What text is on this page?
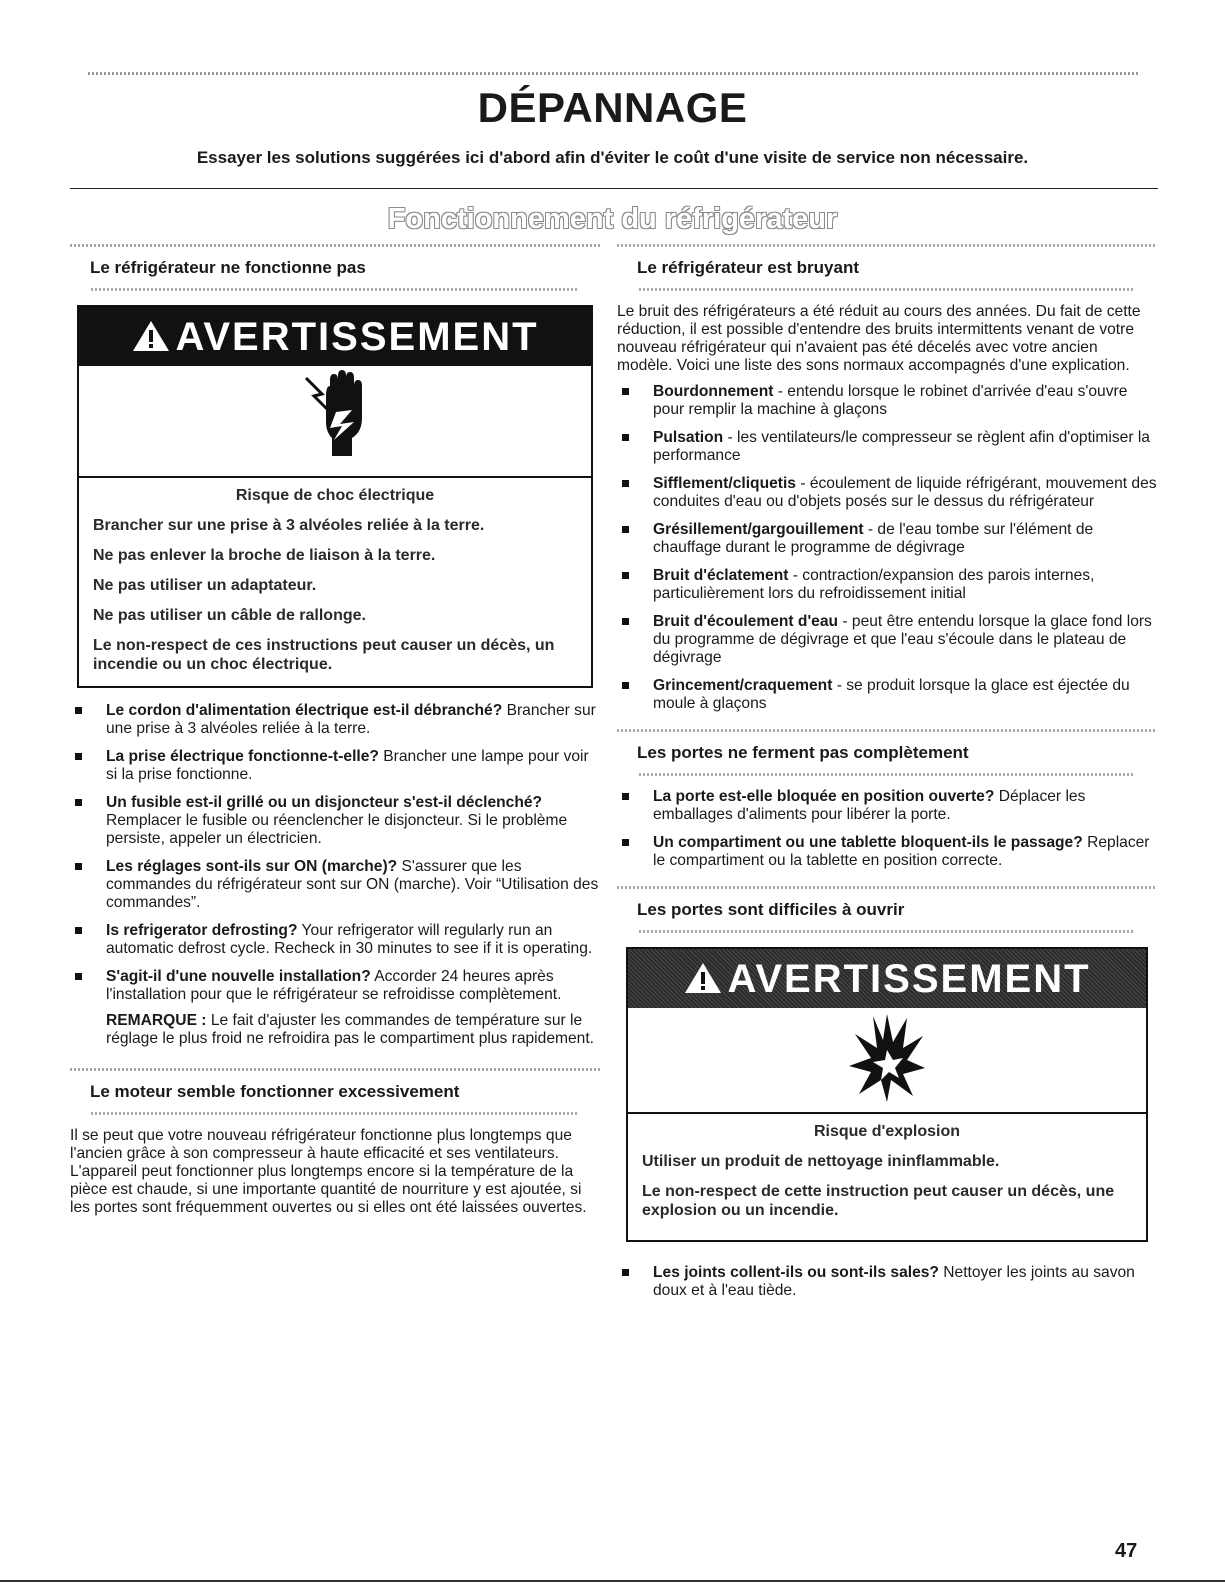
DÉPANNAGE

Essayer les solutions suggérées ici d'abord afin d'éviter le coût d'une visite de service non nécessaire.

Fonctionnement du réfrigérateur
Le réfrigérateur ne fonctionne pas
AVERTISSEMENT
Risque de choc électrique
Brancher sur une prise à 3 alvéoles reliée à la terre.
Ne pas enlever la broche de liaison à la terre.
Ne pas utiliser un adaptateur.
Ne pas utiliser un câble de rallonge.
Le non-respect de ces instructions peut causer un décès, un incendie ou un choc électrique.
Le cordon d'alimentation électrique est-il débranché? Brancher sur une prise à 3 alvéoles reliée à la terre.
La prise électrique fonctionne-t-elle? Brancher une lampe pour voir si la prise fonctionne.
Un fusible est-il grillé ou un disjoncteur s'est-il déclenché? Remplacer le fusible ou réenclencher le disjoncteur. Si le problème persiste, appeler un électricien.
Les réglages sont-ils sur ON (marche)? S'assurer que les commandes du réfrigérateur sont sur ON (marche). Voir “Utilisation des commandes”.
Is refrigerator defrosting? Your refrigerator will regularly run an automatic defrost cycle. Recheck in 30 minutes to see if it is operating.
S'agit-il d'une nouvelle installation? Accorder 24 heures après l'installation pour que le réfrigérateur se refroidisse complètement.
REMARQUE : Le fait d'ajuster les commandes de température sur le réglage le plus froid ne refroidira pas le compartiment plus rapidement.
Le moteur semble fonctionner excessivement

Il se peut que votre nouveau réfrigérateur fonctionne plus longtemps que l'ancien grâce à son compresseur à haute efficacité et ses ventilateurs. L'appareil peut fonctionner plus longtemps encore si la température de la pièce est chaude, si une importante quantité de nourriture y est ajoutée, si les portes sont fréquemment ouvertes ou si elles ont été laissées ouvertes.

Le réfrigérateur est bruyant

Le bruit des réfrigérateurs a été réduit au cours des années. Du fait de cette réduction, il est possible d'entendre des bruits intermittents venant de votre nouveau réfrigérateur qui n'avaient pas été décelés avec votre ancien modèle. Voici une liste des sons normaux accompagnés d'une explication.

Bourdonnement - entendu lorsque le robinet d'arrivée d'eau s'ouvre pour remplir la machine à glaçons
Pulsation - les ventilateurs/le compresseur se règlent afin d'optimiser la performance
Sifflement/cliquetis - écoulement de liquide réfrigérant, mouvement des conduites d'eau ou d'objets posés sur le dessus du réfrigérateur
Grésillement/gargouillement - de l'eau tombe sur l'élément de chauffage durant le programme de dégivrage
Bruit d'éclatement - contraction/expansion des parois internes, particulièrement lors du refroidissement initial
Bruit d'écoulement d'eau - peut être entendu lorsque la glace fond lors du programme de dégivrage et que l'eau s'écoule dans le plateau de dégivrage
Grincement/craquement - se produit lorsque la glace est éjectée du moule à glaçons
Les portes ne ferment pas complètement
La porte est-elle bloquée en position ouverte? Déplacer les emballages d'aliments pour libérer la porte.
Un compartiment ou une tablette bloquent-ils le passage? Replacer le compartiment ou la tablette en position correcte.
Les portes sont difficiles à ouvrir
AVERTISSEMENT
Risque d'explosion
Utiliser un produit de nettoyage ininflammable.
Le non-respect de cette instruction peut causer un décès, une explosion ou un incendie.
Les joints collent-ils ou sont-ils sales? Nettoyer les joints au savon doux et à l'eau tiède.
47
